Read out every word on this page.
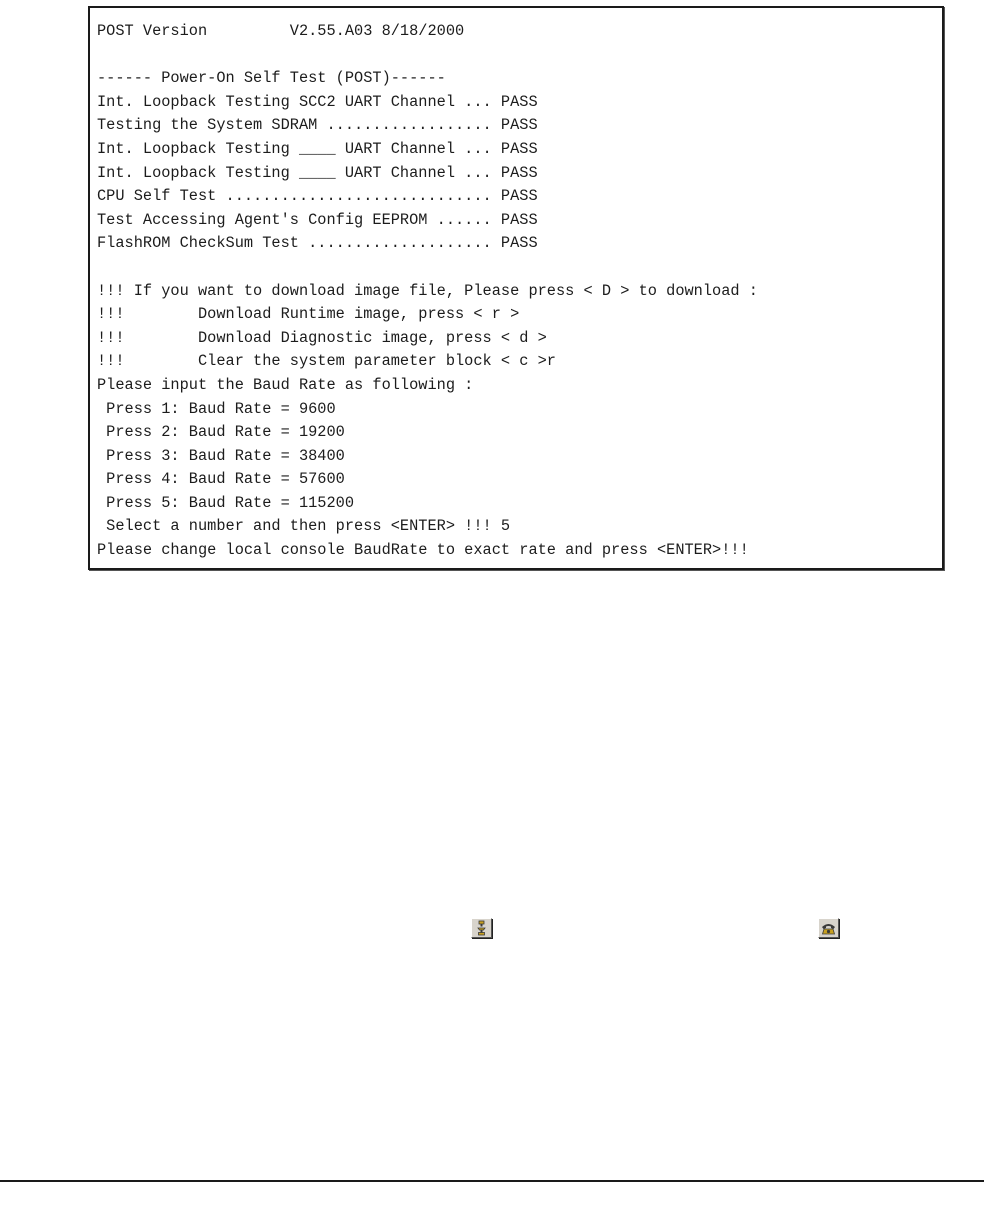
POST Version         V2.55.A03 8/18/2000
------ Power-On Self Test (POST)------
Int. Loopback Testing SCC2 UART Channel ... PASS
Testing the System SDRAM .................. PASS
Int. Loopback Testing ____ UART Channel ... PASS
Int. Loopback Testing ____ UART Channel ... PASS
CPU Self Test ............................. PASS
Test Accessing Agent's Config EEPROM ...... PASS
FlashROM CheckSum Test .................... PASS
!!! If you want to download image file, Please press < D > to download :
!!!        Download Runtime image, press < r >
!!!        Download Diagnostic image, press < d >
!!!        Clear the system parameter block < c >r
Please input the Baud Rate as following :
Press 1: Baud Rate = 9600
Press 2: Baud Rate = 19200
Press 3: Baud Rate = 38400
Press 4: Baud Rate = 57600
Press 5: Baud Rate = 115200
Select a number and then press <ENTER> !!! 5
Please change local console BaudRate to exact rate and press <ENTER>!!!
